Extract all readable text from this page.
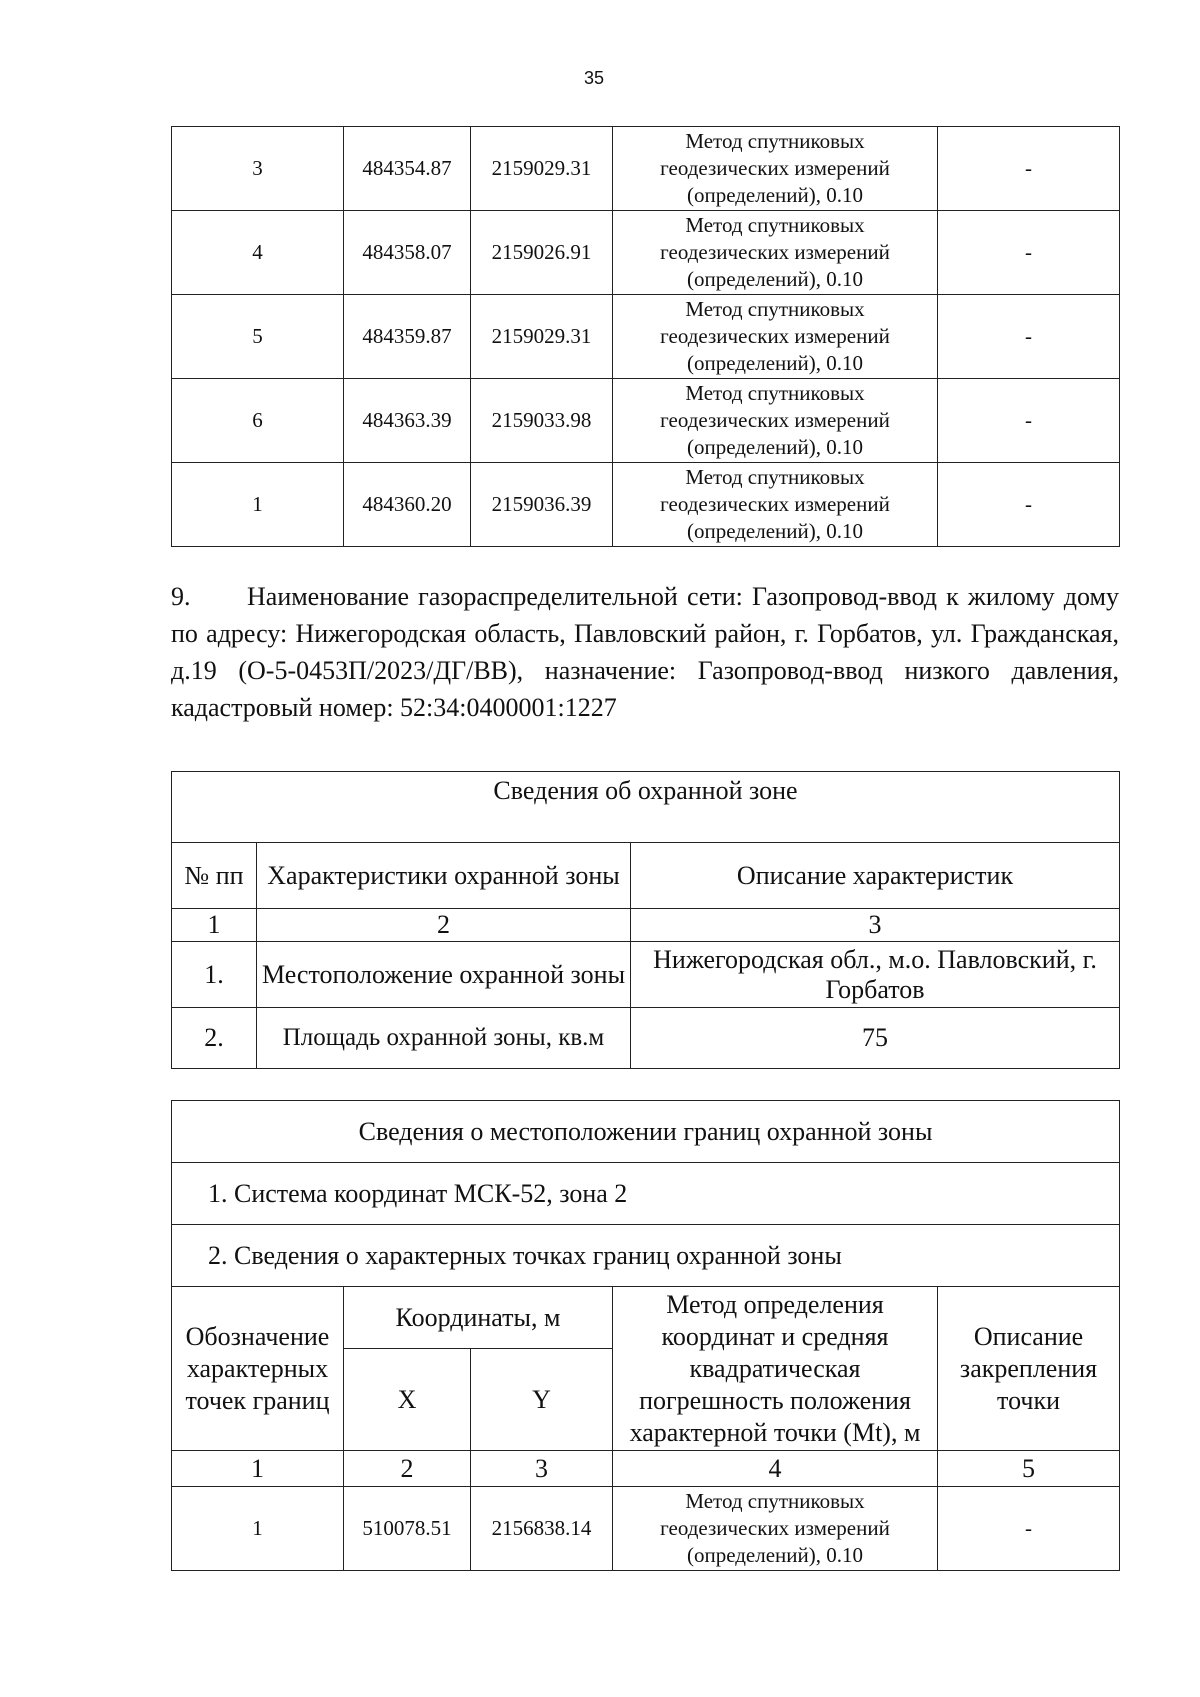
35
3	484354.87	2159029.31	Метод спутниковых
геодезических измерений
(определений), 0.10	-
4	484358.07	2159026.91	Метод спутниковых
геодезических измерений
(определений), 0.10	-
5	484359.87	2159029.31	Метод спутниковых
геодезических измерений
(определений), 0.10	-
6	484363.39	2159033.98	Метод спутниковых
геодезических измерений
(определений), 0.10	-
1	484360.20	2159036.39	Метод спутниковых
геодезических измерений
(определений), 0.10	-
9. Наименование газораспределительной сети: Газопровод-ввод к жилому дому по адресу: Нижегородская область, Павловский район, г. Горбатов, ул. Гражданская, д.19 (О-5-0453П/2023/ДГ/ВВ), назначение: Газопровод-ввод низкого давления, кадастровый номер: 52:34:0400001:1227
Сведения об охранной зоне		
№ пп	Характеристики охранной зоны	Описание характеристик
1	2	3
1.	Местоположение охранной зоны	Нижегородская обл., м.о. Павловский, г. Горбатов
2.	Площадь охранной зоны, кв.м	75
Сведения о местоположении границ охранной зоны				
1. Система координат МСК-52, зона 2				
2. Сведения о характерных точках границ охранной зоны				
Обозначение характерных точек границ	Координаты, м		Метод определения координат и средняя квадратическая погрешность положения характерной точки (Mt), м	Описание закрепления точки
	X	Y		
1	2	3	4	5
1	510078.51	2156838.14	Метод спутниковых
геодезических измерений
(определений), 0.10	-
